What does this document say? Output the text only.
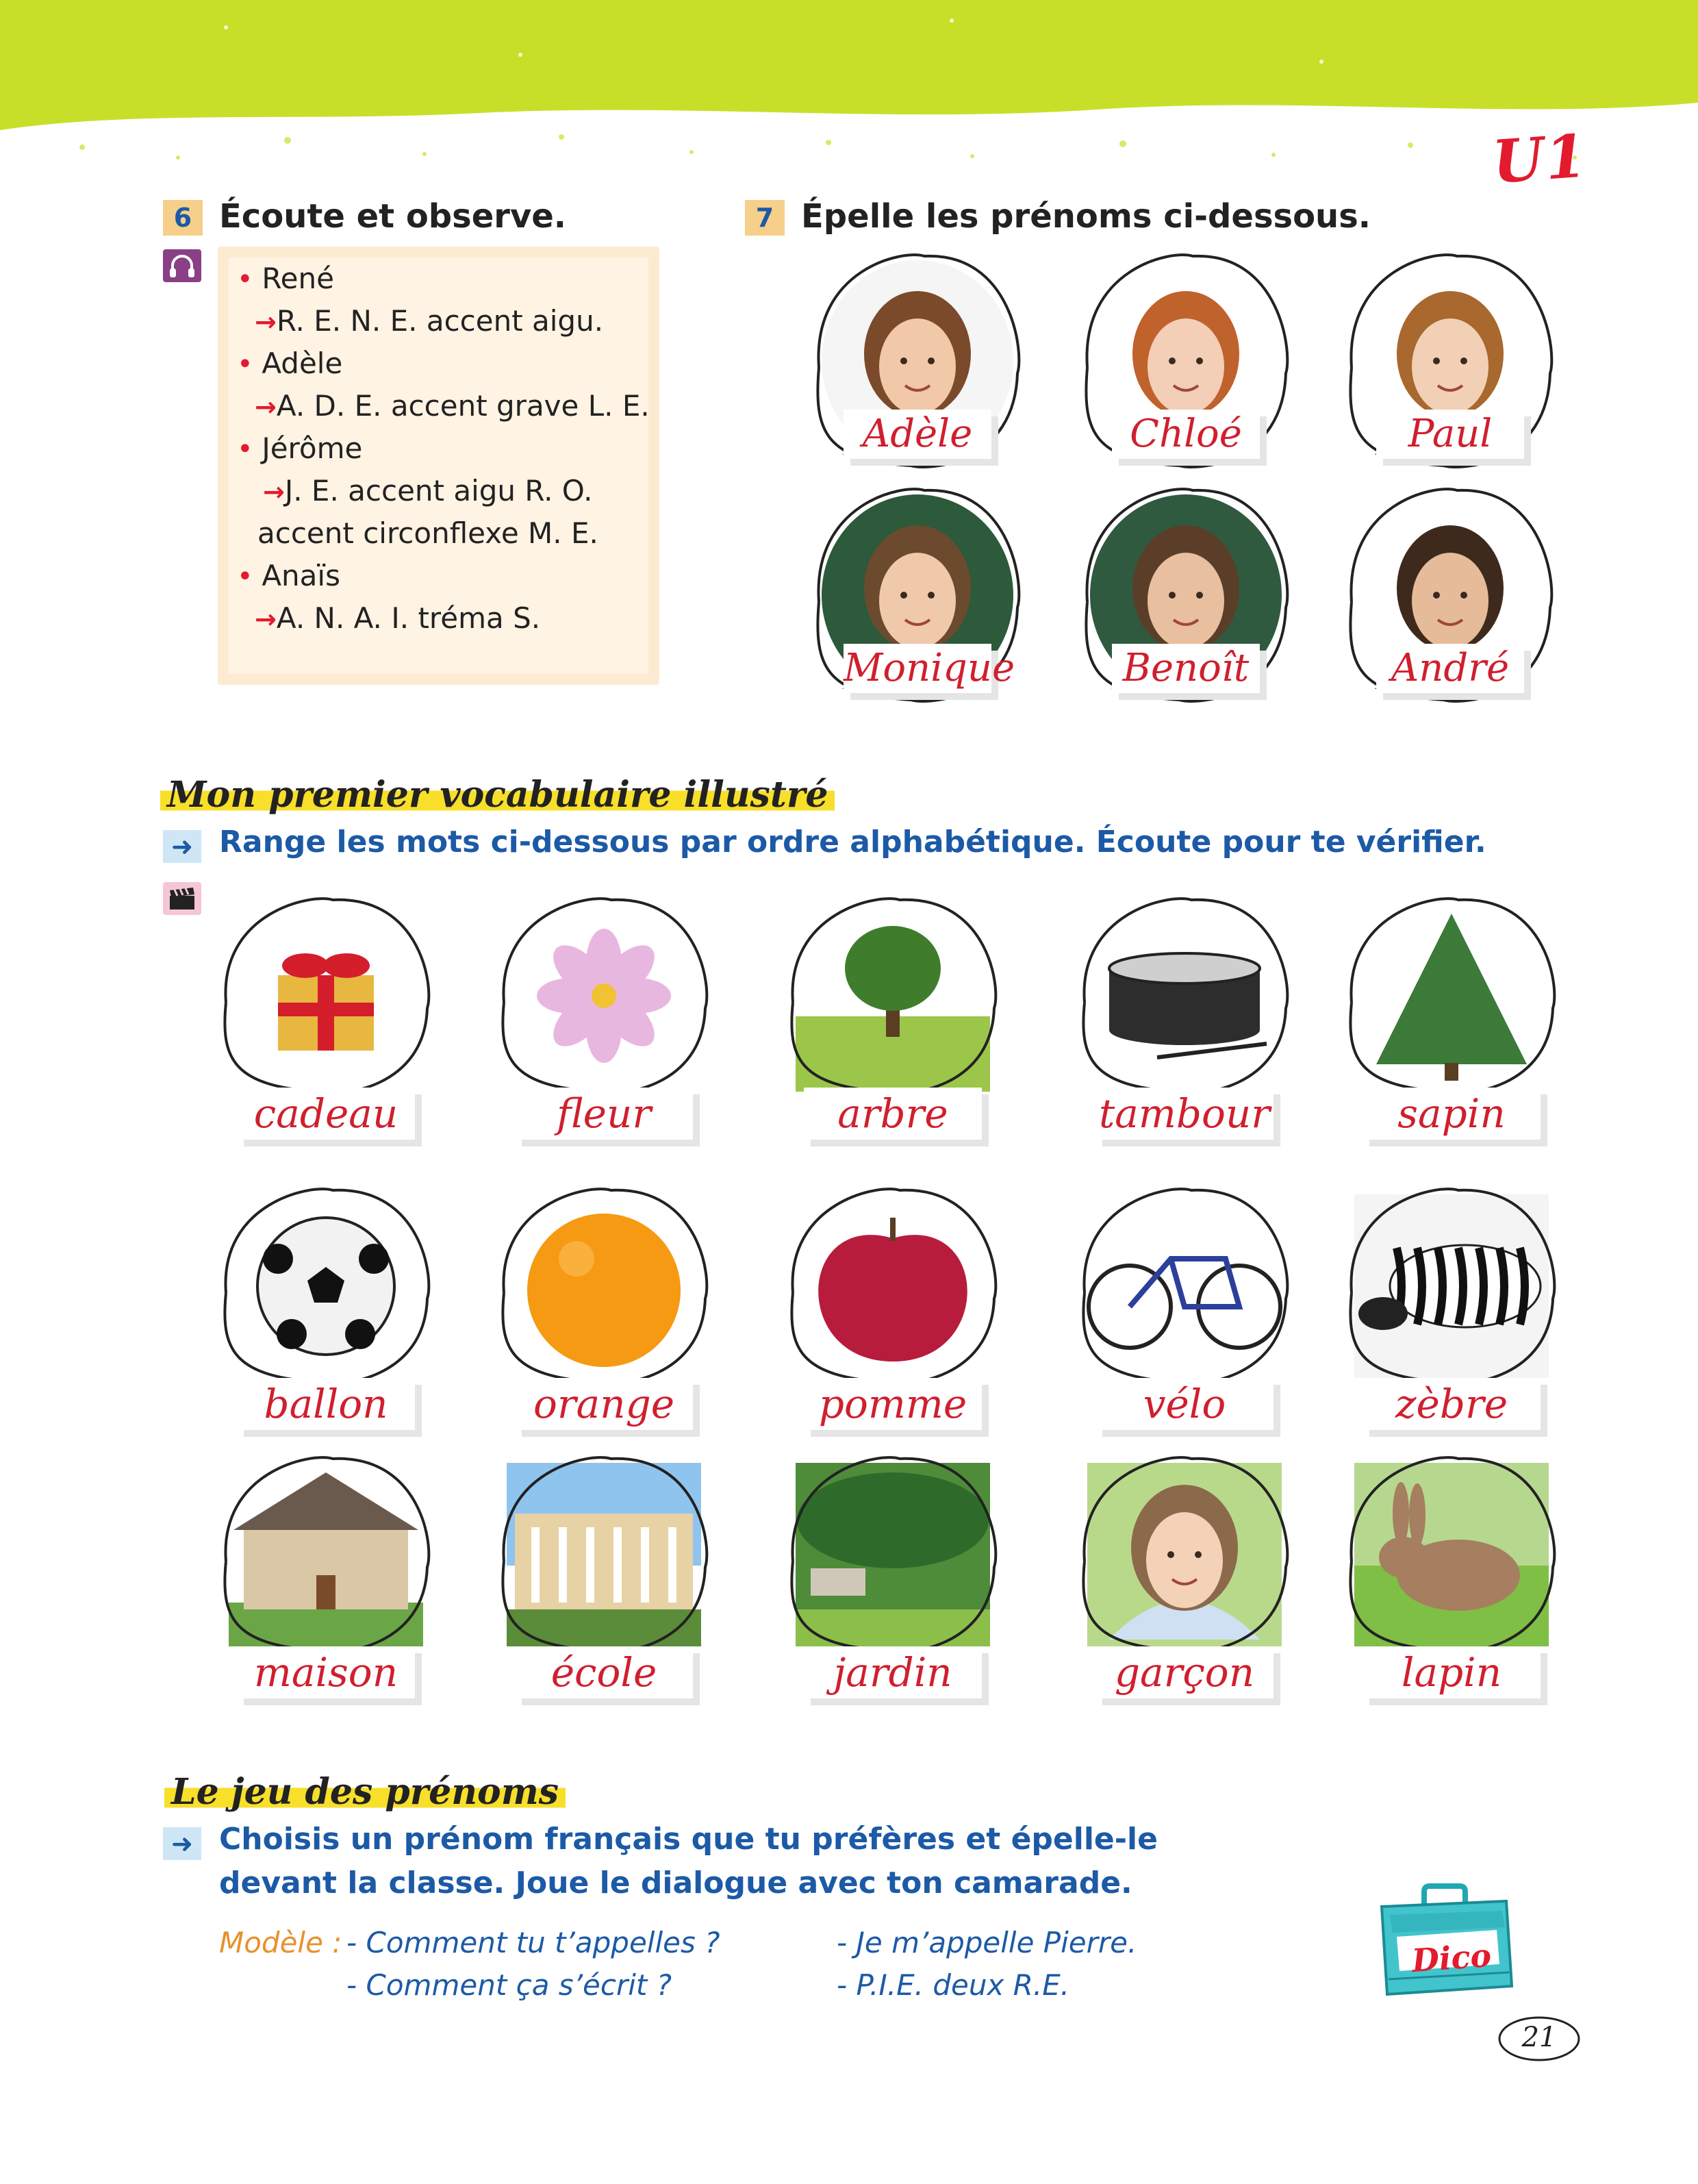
U1
6 Écoute et observe.
• René
→R. E. N. E. accent aigu.
• Adèle
→A. D. E. accent grave L. E.
• Jérôme
→J. E. accent aigu R. O.
accent circonflexe M. E.
• Anaïs
→A. N. A. I. tréma S.
7 Épelle les prénoms ci-dessous.
Adèle	Chloé	Paul
Monique	Benoît	André
Mon premier vocabulaire illustré
➜ Range les mots ci-dessous par ordre alphabétique. Écoute pour te vérifier.
cadeau	fleur	arbre	tambour	sapin
ballon	orange	pomme	vélo	zèbre
maison	école	jardin	garçon	lapin
Le jeu des prénoms
➜ Choisis un prénom français que tu préfères et épelle-le
devant la classe. Joue le dialogue avec ton camarade.
Modèle : - Comment tu t’appelles ?	- Je m’appelle Pierre.
- Comment ça s’écrit ?	- P.I.E. deux R.E.
Dico
21
